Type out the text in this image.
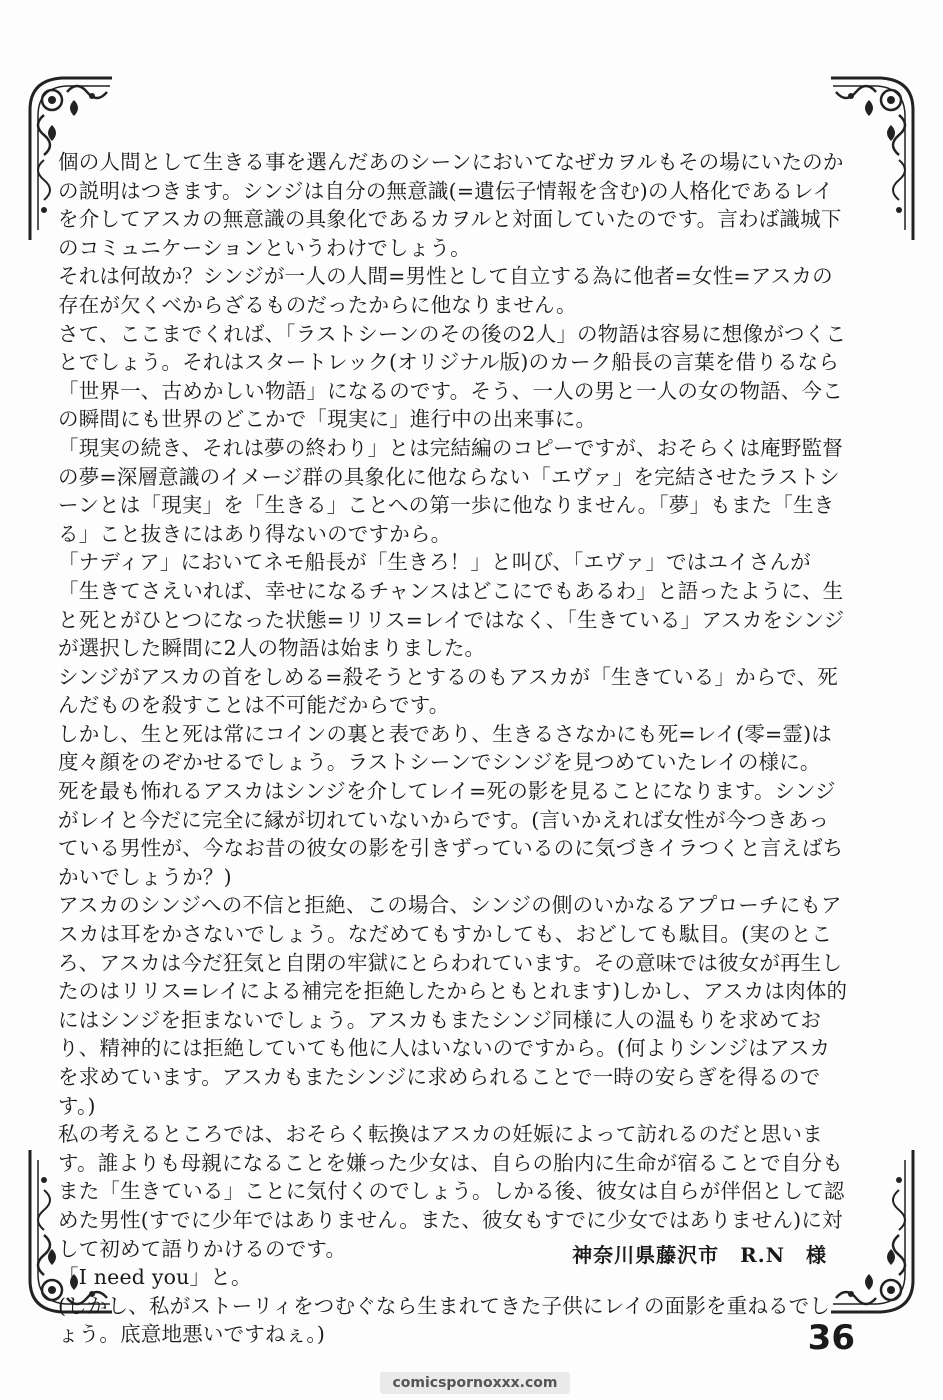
個の人間として生きる事を選んだあのシーンにおいてなぜカヲルもその場にいたのかの説明はつきます。シンジは自分の無意識(=遺伝子情報を含む)の人格化であるレイを介してアスカの無意識の具象化であるカヲルと対面していたのです。言わば識城下のコミュニケーションというわけでしょう。

それは何故か？シンジが一人の人間=男性として自立する為に他者=女性=アスカの存在が欠くべからざるものだったからに他なりません。

さて、ここまでくれば、「ラストシーンのその後の2人」の物語は容易に想像がつくことでしょう。それはスタートレック(オリジナル版)のカーク船長の言葉を借りるなら「世界一、古めかしい物語」になるのです。そう、一人の男と一人の女の物語、今この瞬間にも世界のどこかで「現実に」進行中の出来事に。

「現実の続き、それは夢の終わり」とは完結編のコピーですが、おそらくは庵野監督の夢=深層意識のイメージ群の具象化に他ならない「エヴァ」を完結させたラストシーンとは「現実」を「生きる」ことへの第一歩に他なりません。「夢」もまた「生きる」こと抜きにはあり得ないのですから。

「ナディア」においてネモ船長が「生きろ！」と叫び、「エヴァ」ではユイさんが「生きてさえいれば、幸せになるチャンスはどこにでもあるわ」と語ったように、生と死とがひとつになった状態=リリス=レイではなく、「生きている」アスカをシンジが選択した瞬間に2人の物語は始まりました。

シンジがアスカの首をしめる=殺そうとするのもアスカが「生きている」からで、死んだものを殺すことは不可能だからです。

しかし、生と死は常にコインの裏と表であり、生きるさなかにも死=レイ(零=霊)は度々顔をのぞかせるでしょう。ラストシーンでシンジを見つめていたレイの様に。

死を最も怖れるアスカはシンジを介してレイ=死の影を見ることになります。シンジがレイと今だに完全に縁が切れていないからです。(言いかえれば女性が今つきあっている男性が、今なお昔の彼女の影を引きずっているのに気づきイラつくと言えばちかいでしょうか？)

アスカのシンジへの不信と拒絶、この場合、シンジの側のいかなるアプローチにもアスカは耳をかさないでしょう。なだめてもすかしても、おどしても駄目。(実のところ、アスカは今だ狂気と自閉の牢獄にとらわれています。その意味では彼女が再生したのはリリス=レイによる補完を拒絶したからともとれます)しかし、アスカは肉体的にはシンジを拒まないでしょう。アスカもまたシンジ同様に人の温もりを求めており、精神的には拒絶していても他に人はいないのですから。(何よりシンジはアスカを求めています。アスカもまたシンジに求められることで一時の安らぎを得るのです。)

私の考えるところでは、おそらく転換はアスカの妊娠によって訪れるのだと思います。誰よりも母親になることを嫌った少女は、自らの胎内に生命が宿ることで自分もまた「生きている」ことに気付くのでしょう。しかる後、彼女は自らが伴侶として認めた男性(すでに少年ではありません。また、彼女もすでに少女ではありません)に対して初めて語りかけるのです。

「I need you」と。

(しかし、私がストーリィをつむぐなら生まれてきた子供にレイの面影を重ねるでしょう。底意地悪いですねぇ。)

神奈川県藤沢市　R.N　様
36
comicspornoxxx.com
